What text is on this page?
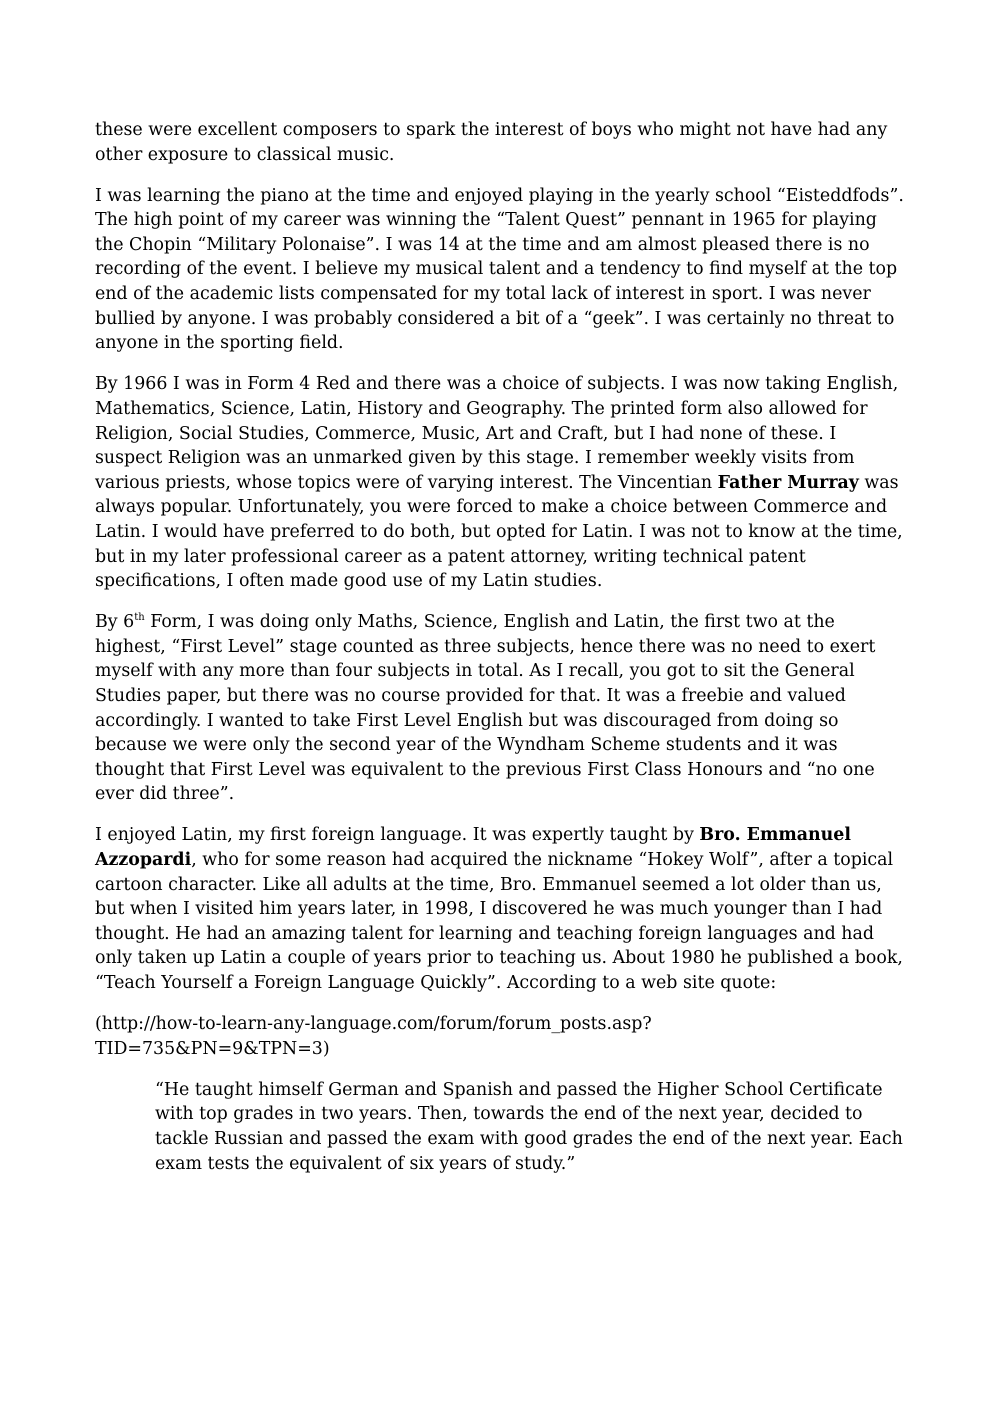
these were excellent composers to spark the interest of boys who might not have had any other exposure to classical music.

I was learning the piano at the time and enjoyed playing in the yearly school “Eisteddfods”. The high point of my career was winning the “Talent Quest” pennant in 1965 for playing the Chopin “Military Polonaise”. I was 14 at the time and am almost pleased there is no recording of the event. I believe my musical talent and a tendency to find myself at the top end of the academic lists compensated for my total lack of interest in sport. I was never bullied by anyone. I was probably considered a bit of a “geek”. I was certainly no threat to anyone in the sporting field.

By 1966 I was in Form 4 Red and there was a choice of subjects. I was now taking English, Mathematics, Science, Latin, History and Geography. The printed form also allowed for Religion, Social Studies, Commerce, Music, Art and Craft, but I had none of these. I suspect Religion was an unmarked given by this stage. I remember weekly visits from various priests, whose topics were of varying interest. The Vincentian Father Murray was always popular. Unfortunately, you were forced to make a choice between Commerce and Latin. I would have preferred to do both, but opted for Latin. I was not to know at the time, but in my later professional career as a patent attorney, writing technical patent specifications, I often made good use of my Latin studies.

By 6th Form, I was doing only Maths, Science, English and Latin, the first two at the highest, “First Level” stage counted as three subjects, hence there was no need to exert myself with any more than four subjects in total. As I recall, you got to sit the General Studies paper, but there was no course provided for that. It was a freebie and valued accordingly. I wanted to take First Level English but was discouraged from doing so because we were only the second year of the Wyndham Scheme students and it was thought that First Level was equivalent to the previous First Class Honours and “no one ever did three”.

I enjoyed Latin, my first foreign language. It was expertly taught by Bro. Emmanuel Azzopardi, who for some reason had acquired the nickname “Hokey Wolf”, after a topical cartoon character. Like all adults at the time, Bro. Emmanuel seemed a lot older than us, but when I visited him years later, in 1998, I discovered he was much younger than I had thought. He had an amazing talent for learning and teaching foreign languages and had only taken up Latin a couple of years prior to teaching us. About 1980 he published a book, “Teach Yourself a Foreign Language Quickly”. According to a web site quote:

(http://how-to-learn-any-language.com/forum/forum_posts.asp?
TID=735&PN=9&TPN=3)

“He taught himself German and Spanish and passed the Higher School Certificate with top grades in two years. Then, towards the end of the next year, decided to tackle Russian and passed the exam with good grades the end of the next year. Each exam tests the equivalent of six years of study.”
